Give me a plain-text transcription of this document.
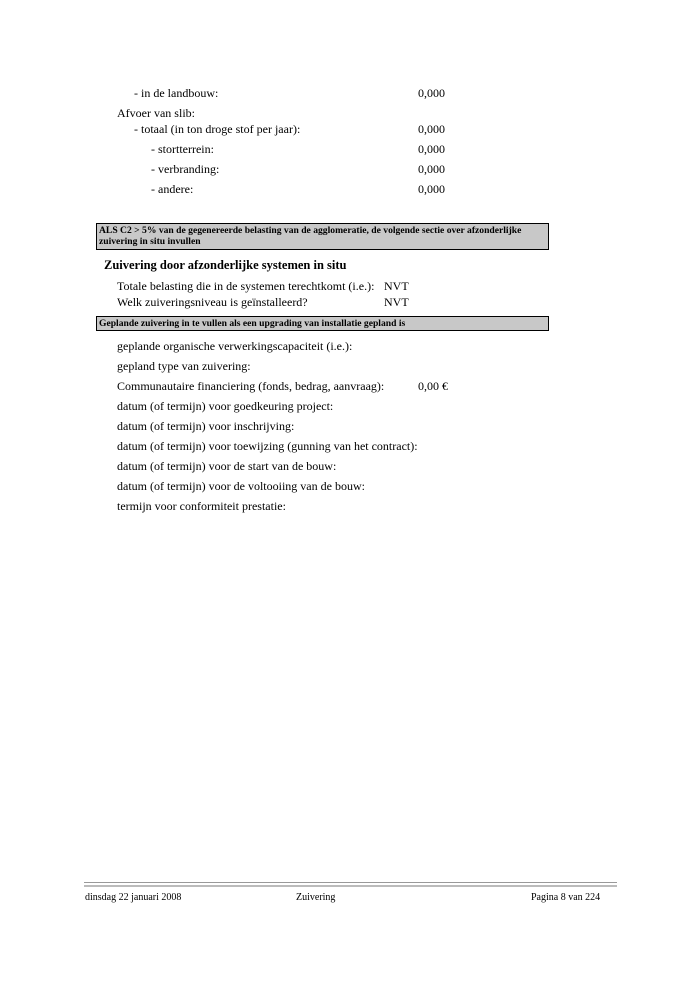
- in de landbouw:	0,000
Afvoer van slib:
- totaal (in ton droge stof per jaar):	0,000
- stortterrein:	0,000
- verbranding:	0,000
- andere:	0,000
ALS C2 > 5% van de gegenereerde belasting van de agglomeratie, de volgende sectie over afzonderlijke zuivering in situ invullen
Zuivering door afzonderlijke systemen in situ
Totale belasting die in de systemen terechtkomt (i.e.): NVT
Welk zuiveringsniveau is geïnstalleerd?	NVT
Geplande zuivering in te vullen als een upgrading van installatie gepland is
geplande organische verwerkingscapaciteit (i.e.):
gepland type van zuivering:
Communautaire financiering (fonds, bedrag, aanvraag):	0,00 €
datum (of termijn) voor goedkeuring project:
datum (of termijn) voor inschrijving:
datum (of termijn) voor toewijzing (gunning van het contract):
datum (of termijn) voor de start van de bouw:
datum (of termijn) voor de voltooiing van de bouw:
termijn voor conformiteit prestatie:
dinsdag 22 januari 2008	Zuivering	Pagina 8 van 224
